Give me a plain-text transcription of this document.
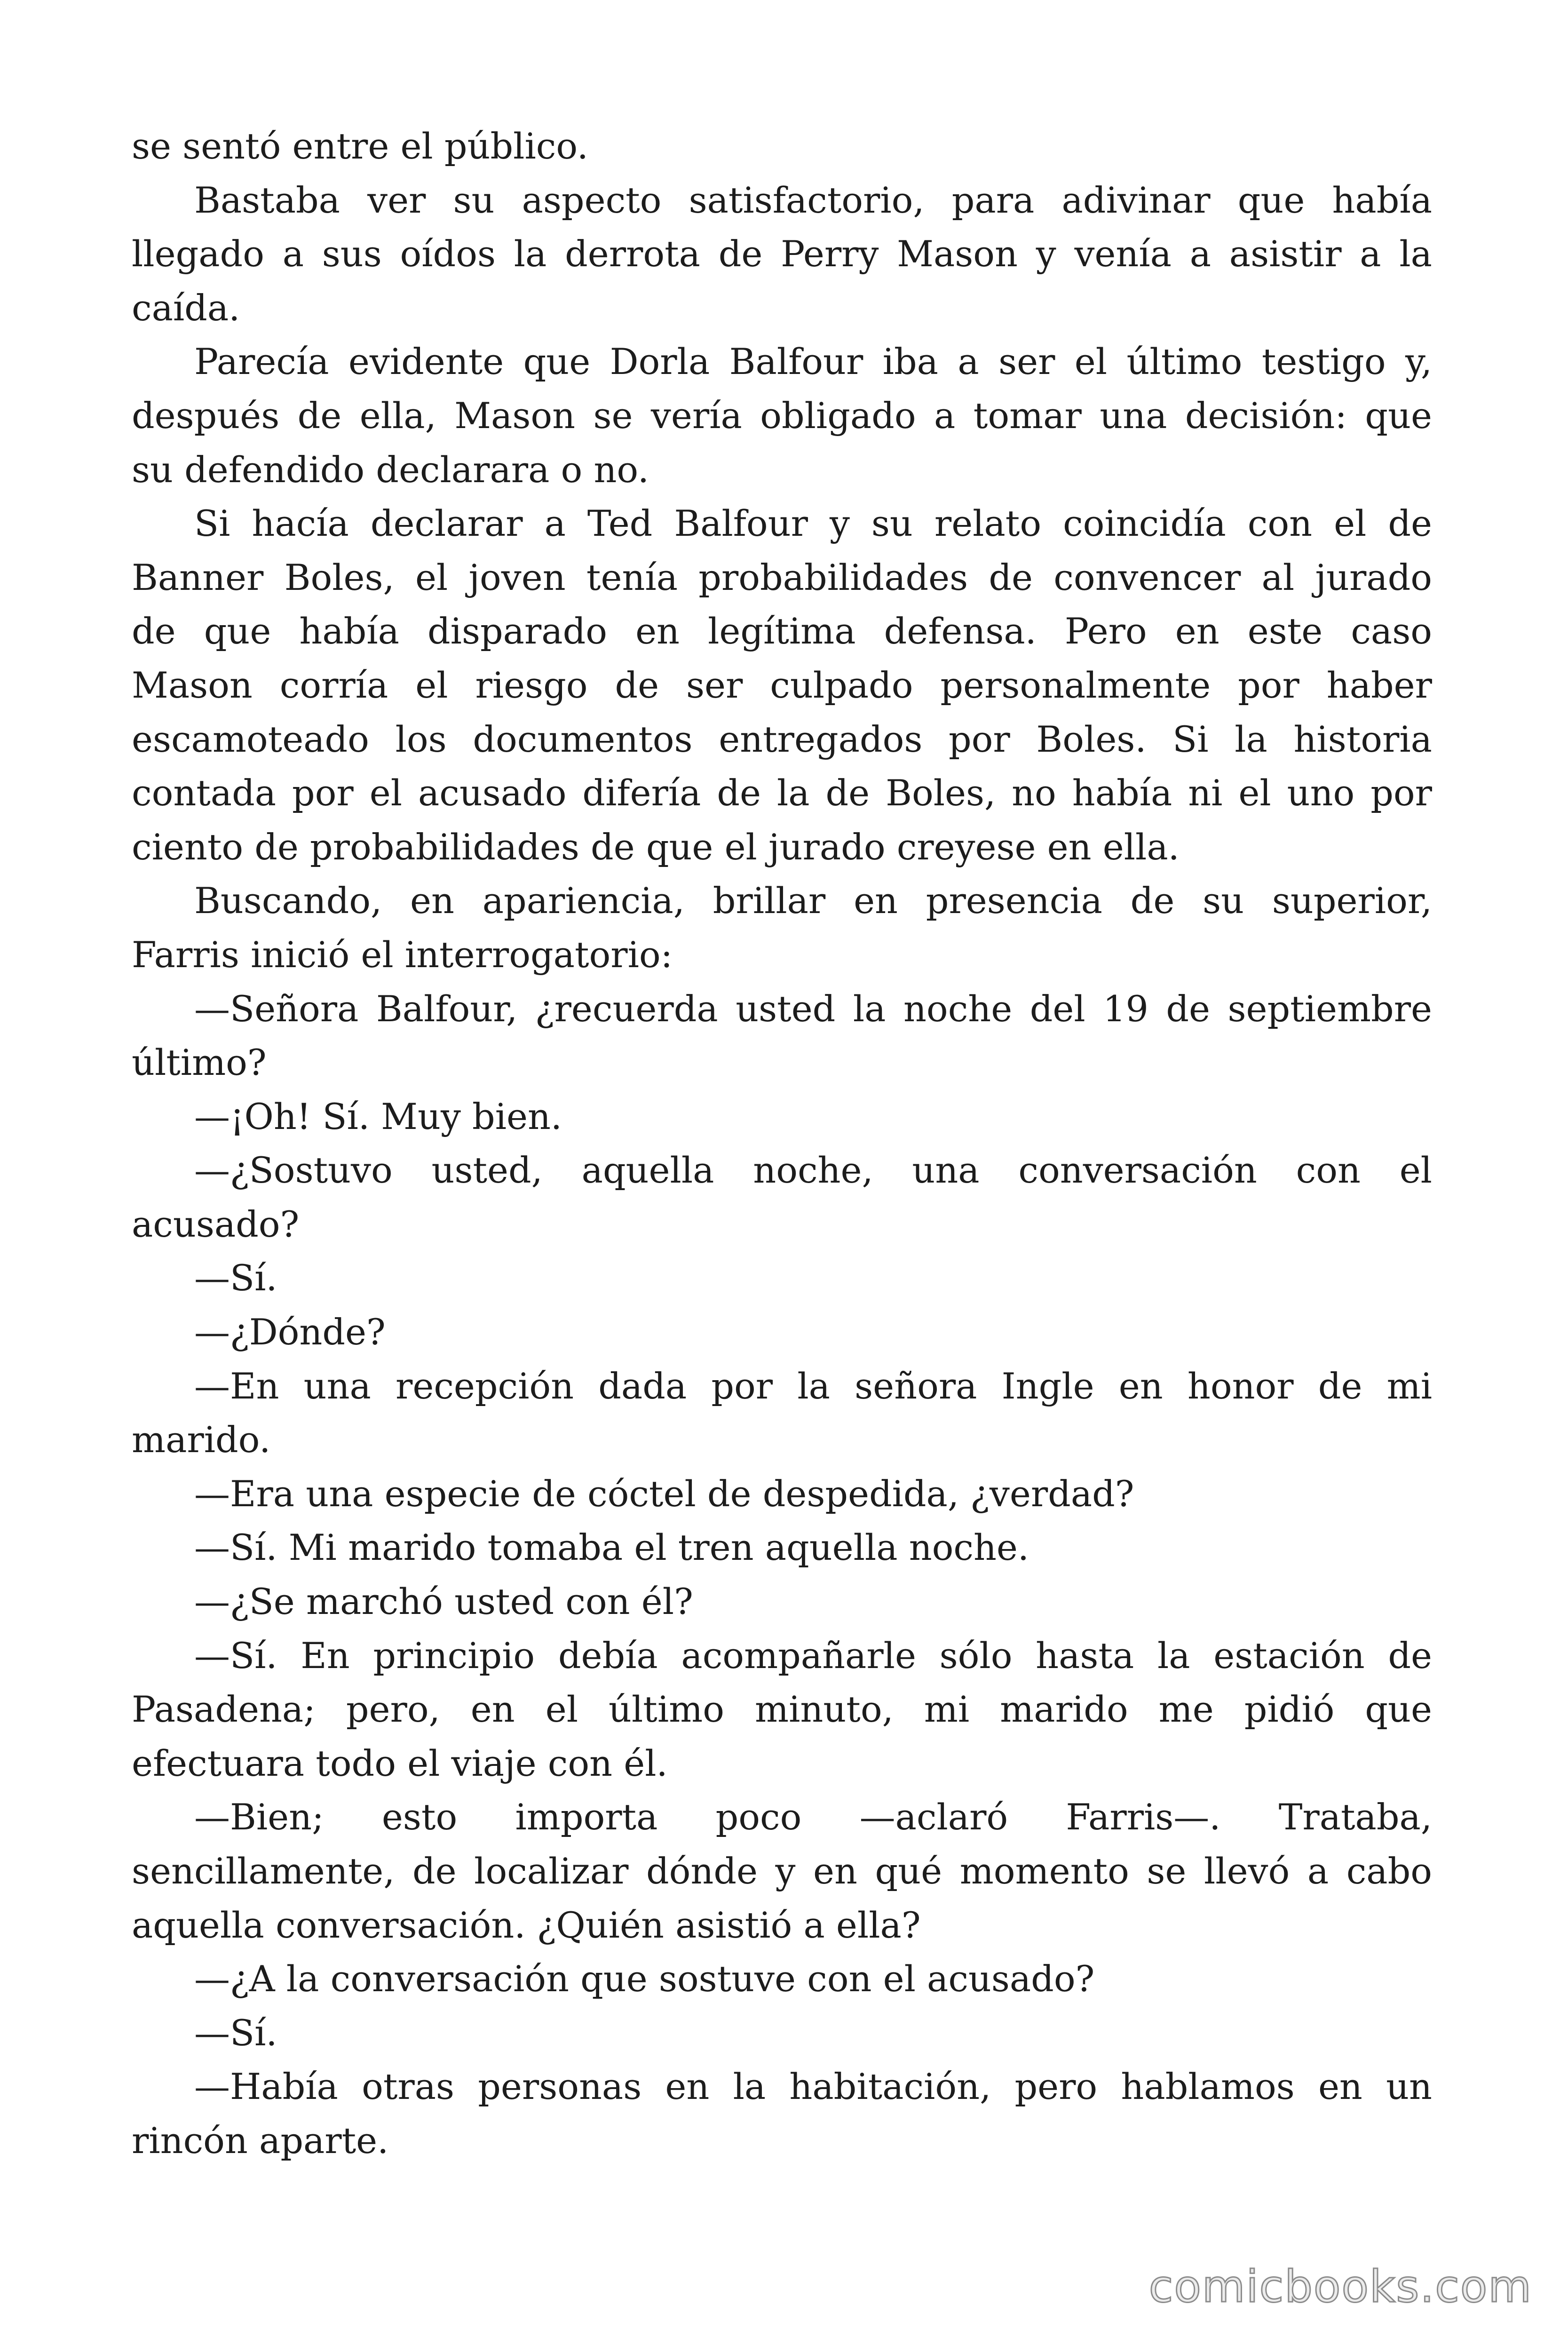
se sentó entre el público.
Bastaba ver su aspecto satisfactorio, para adivinar que había
llegado a sus oídos la derrota de Perry Mason y venía a asistir a la
caída.
Parecía evidente que Dorla Balfour iba a ser el último testigo y,
después de ella, Mason se vería obligado a tomar una decisión: que
su defendido declarara o no.
Si hacía declarar a Ted Balfour y su relato coincidía con el de
Banner Boles, el joven tenía probabilidades de convencer al jurado
de que había disparado en legítima defensa. Pero en este caso
Mason corría el riesgo de ser culpado personalmente por haber
escamoteado los documentos entregados por Boles. Si la historia
contada por el acusado difería de la de Boles, no había ni el uno por
ciento de probabilidades de que el jurado creyese en ella.
Buscando, en apariencia, brillar en presencia de su superior,
Farris inició el interrogatorio:
—Señora Balfour, ¿recuerda usted la noche del 19 de septiembre
último?
—¡Oh! Sí. Muy bien.
—¿Sostuvo usted, aquella noche, una conversación con el
acusado?
—Sí.
—¿Dónde?
—En una recepción dada por la señora Ingle en honor de mi
marido.
—Era una especie de cóctel de despedida, ¿verdad?
—Sí. Mi marido tomaba el tren aquella noche.
—¿Se marchó usted con él?
—Sí. En principio debía acompañarle sólo hasta la estación de
Pasadena; pero, en el último minuto, mi marido me pidió que
efectuara todo el viaje con él.
—Bien; esto importa poco —aclaró Farris—. Trataba,
sencillamente, de localizar dónde y en qué momento se llevó a cabo
aquella conversación. ¿Quién asistió a ella?
—¿A la conversación que sostuve con el acusado?
—Sí.
—Había otras personas en la habitación, pero hablamos en un
rincón aparte.
comicbooks.com
